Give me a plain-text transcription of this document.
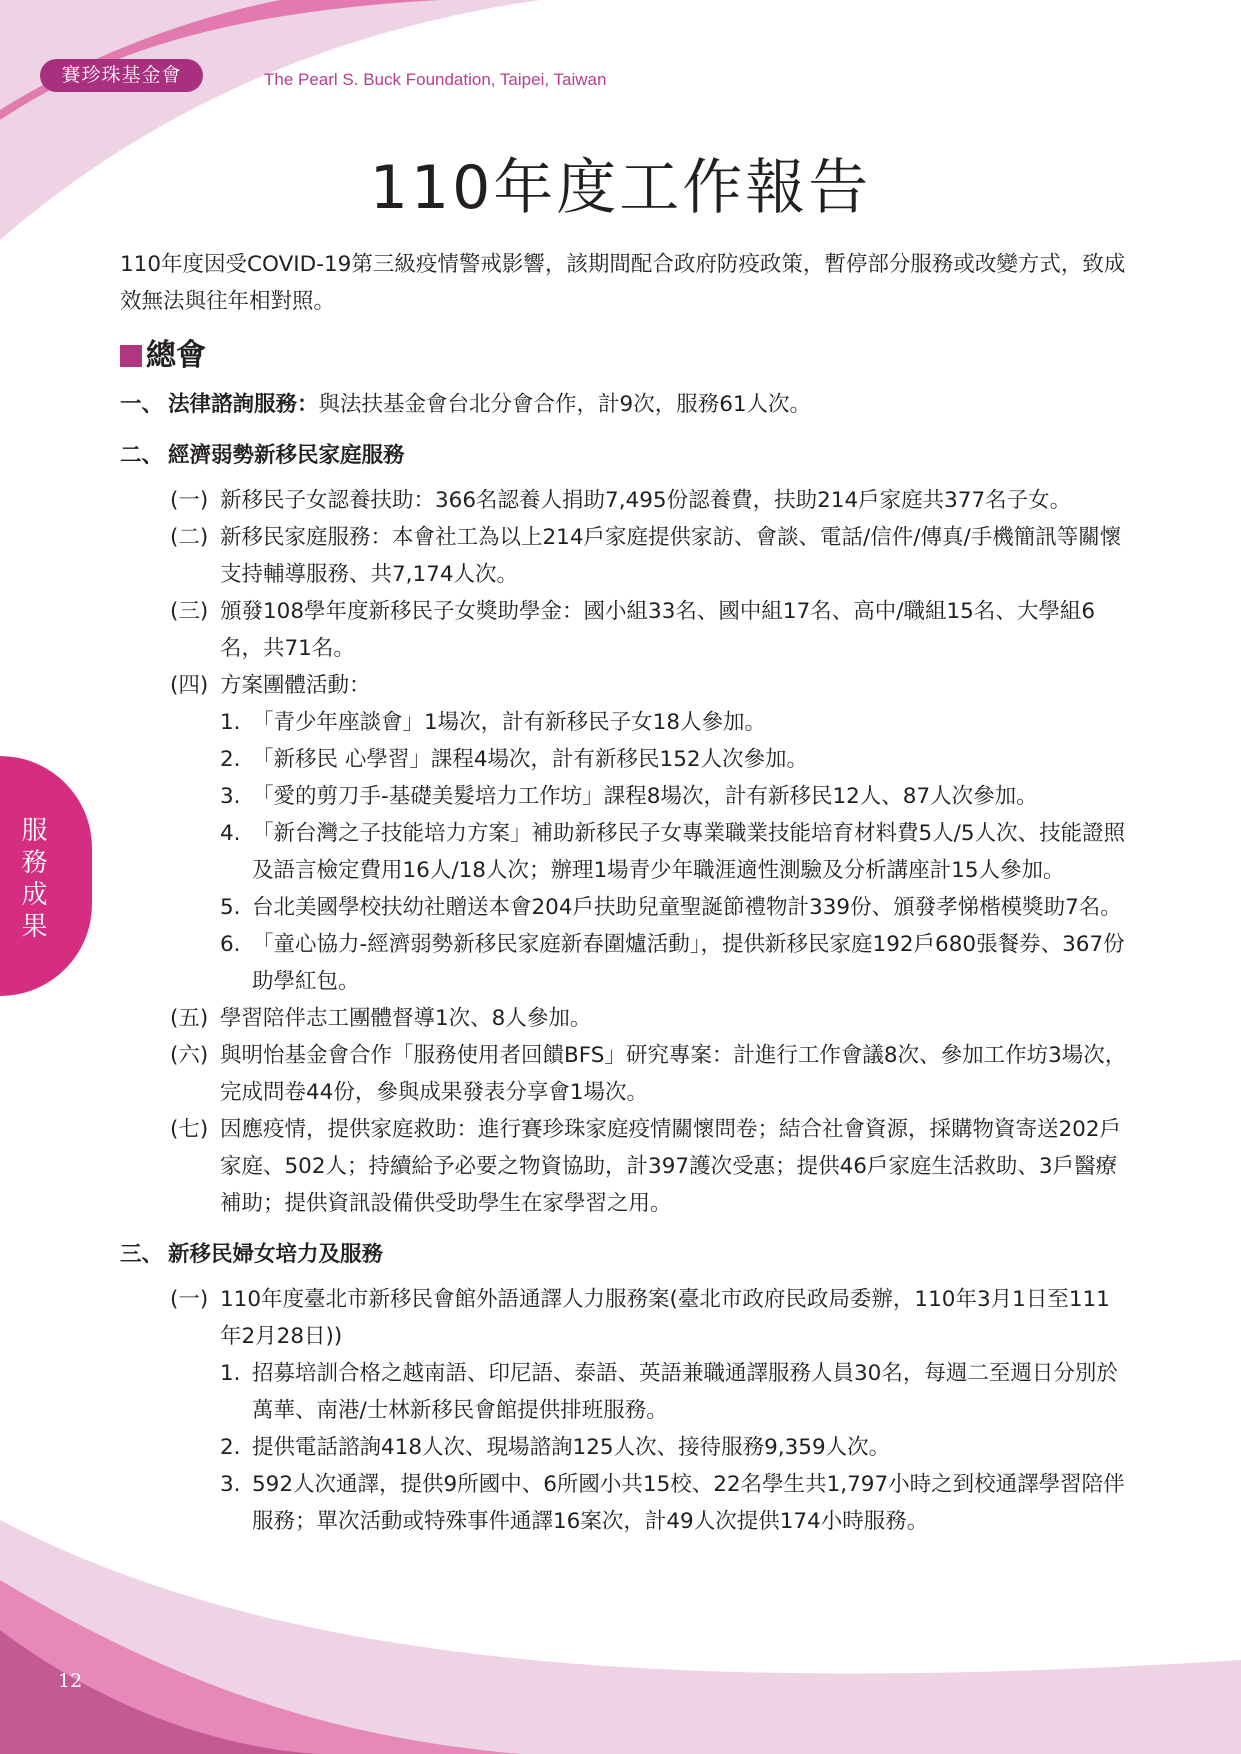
賽珍珠基金會	The Pearl S. Buck Foundation, Taipei, Taiwan
110年度工作報告

110年度因受COVID-19第三級疫情警戒影響，該期間配合政府防疫政策，暫停部分服務或改變方式，致成效無法與往年相對照。

總會
一、 法律諮詢服務：與法扶基金會台北分會合作，計9次，服務61人次。
二、 經濟弱勢新移民家庭服務
(一) 新移民子女認養扶助：366名認養人捐助7,495份認養費，扶助214戶家庭共377名子女。
(二) 新移民家庭服務：本會社工為以上214戶家庭提供家訪、會談、電話/信件/傳真/手機簡訊等關懷支持輔導服務、共7,174人次。
(三) 頒發108學年度新移民子女獎助學金：國小組33名、國中組17名、高中/職組15名、大學組6名，共71名。
(四) 方案團體活動：
1. 「青少年座談會」1場次，計有新移民子女18人參加。
2. 「新移民 心學習」課程4場次，計有新移民152人次參加。
3. 「愛的剪刀手-基礎美髮培力工作坊」課程8場次，計有新移民12人、87人次參加。
4. 「新台灣之子技能培力方案」補助新移民子女專業職業技能培育材料費5人/5人次、技能證照及語言檢定費用16人/18人次；辦理1場青少年職涯適性測驗及分析講座計15人參加。
5. 台北美國學校扶幼社贈送本會204戶扶助兒童聖誕節禮物計339份、頒發孝悌楷模獎助7名。
6. 「童心協力-經濟弱勢新移民家庭新春圍爐活動」，提供新移民家庭192戶680張餐券、367份助學紅包。
(五) 學習陪伴志工團體督導1次、8人參加。
(六) 與明怡基金會合作「服務使用者回饋BFS」研究專案：計進行工作會議8次、參加工作坊3場次，完成問卷44份，參與成果發表分享會1場次。
(七) 因應疫情，提供家庭救助：進行賽珍珠家庭疫情關懷問卷；結合社會資源，採購物資寄送202戶家庭、502人；持續給予必要之物資協助，計397護次受惠；提供46戶家庭生活救助、3戶醫療補助；提供資訊設備供受助學生在家學習之用。
三、 新移民婦女培力及服務
(一) 110年度臺北市新移民會館外語通譯人力服務案(臺北市政府民政局委辦，110年3月1日至111年2月28日))
1. 招募培訓合格之越南語、印尼語、泰語、英語兼職通譯服務人員30名，每週二至週日分別於萬華、南港/士林新移民會館提供排班服務。
2. 提供電話諮詢418人次、現場諮詢125人次、接待服務9,359人次。
3. 592人次通譯，提供9所國中、6所國小共15校、22名學生共1,797小時之到校通譯學習陪伴服務；單次活動或特殊事件通譯16案次，計49人次提供174小時服務。
服務成果
12
